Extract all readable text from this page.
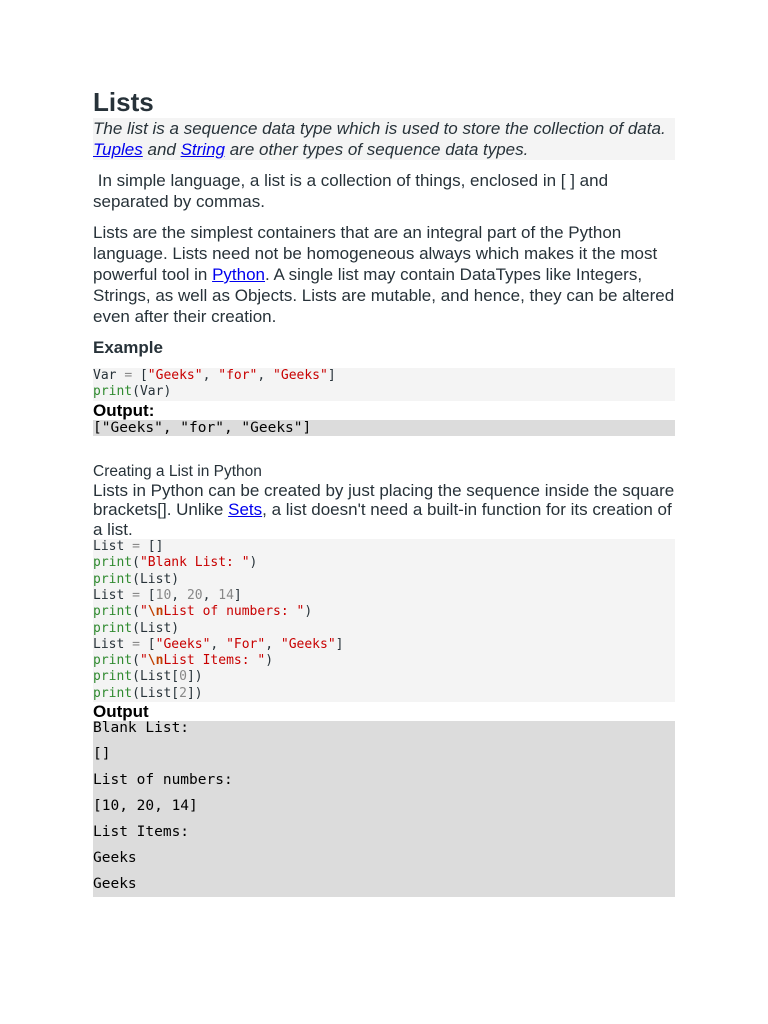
Lists

The list is a sequence data type which is used to store the collection of data. Tuples and String are other types of sequence data types.

In simple language, a list is a collection of things, enclosed in [ ] and separated by commas.

Lists are the simplest containers that are an integral part of the Python language. Lists need not be homogeneous always which makes it the most powerful tool in Python. A single list may contain DataTypes like Integers, Strings, as well as Objects. Lists are mutable, and hence, they can be altered even after their creation.

Example
Var = ["Geeks", "for", "Geeks"]
print(Var)
Output:
["Geeks", "for", "Geeks"]
Creating a List in Python

Lists in Python can be created by just placing the sequence inside the square brackets[]. Unlike Sets, a list doesn't need a built-in function for its creation of a list.

List = []
print("Blank List: ")
print(List)
List = [10, 20, 14]
print("\nList of numbers: ")
print(List)
List = ["Geeks", "For", "Geeks"]
print("\nList Items: ")
print(List[0])
print(List[2])
Output
Blank List:
[]
List of numbers:
[10, 20, 14]
List Items:
Geeks
Geeks
